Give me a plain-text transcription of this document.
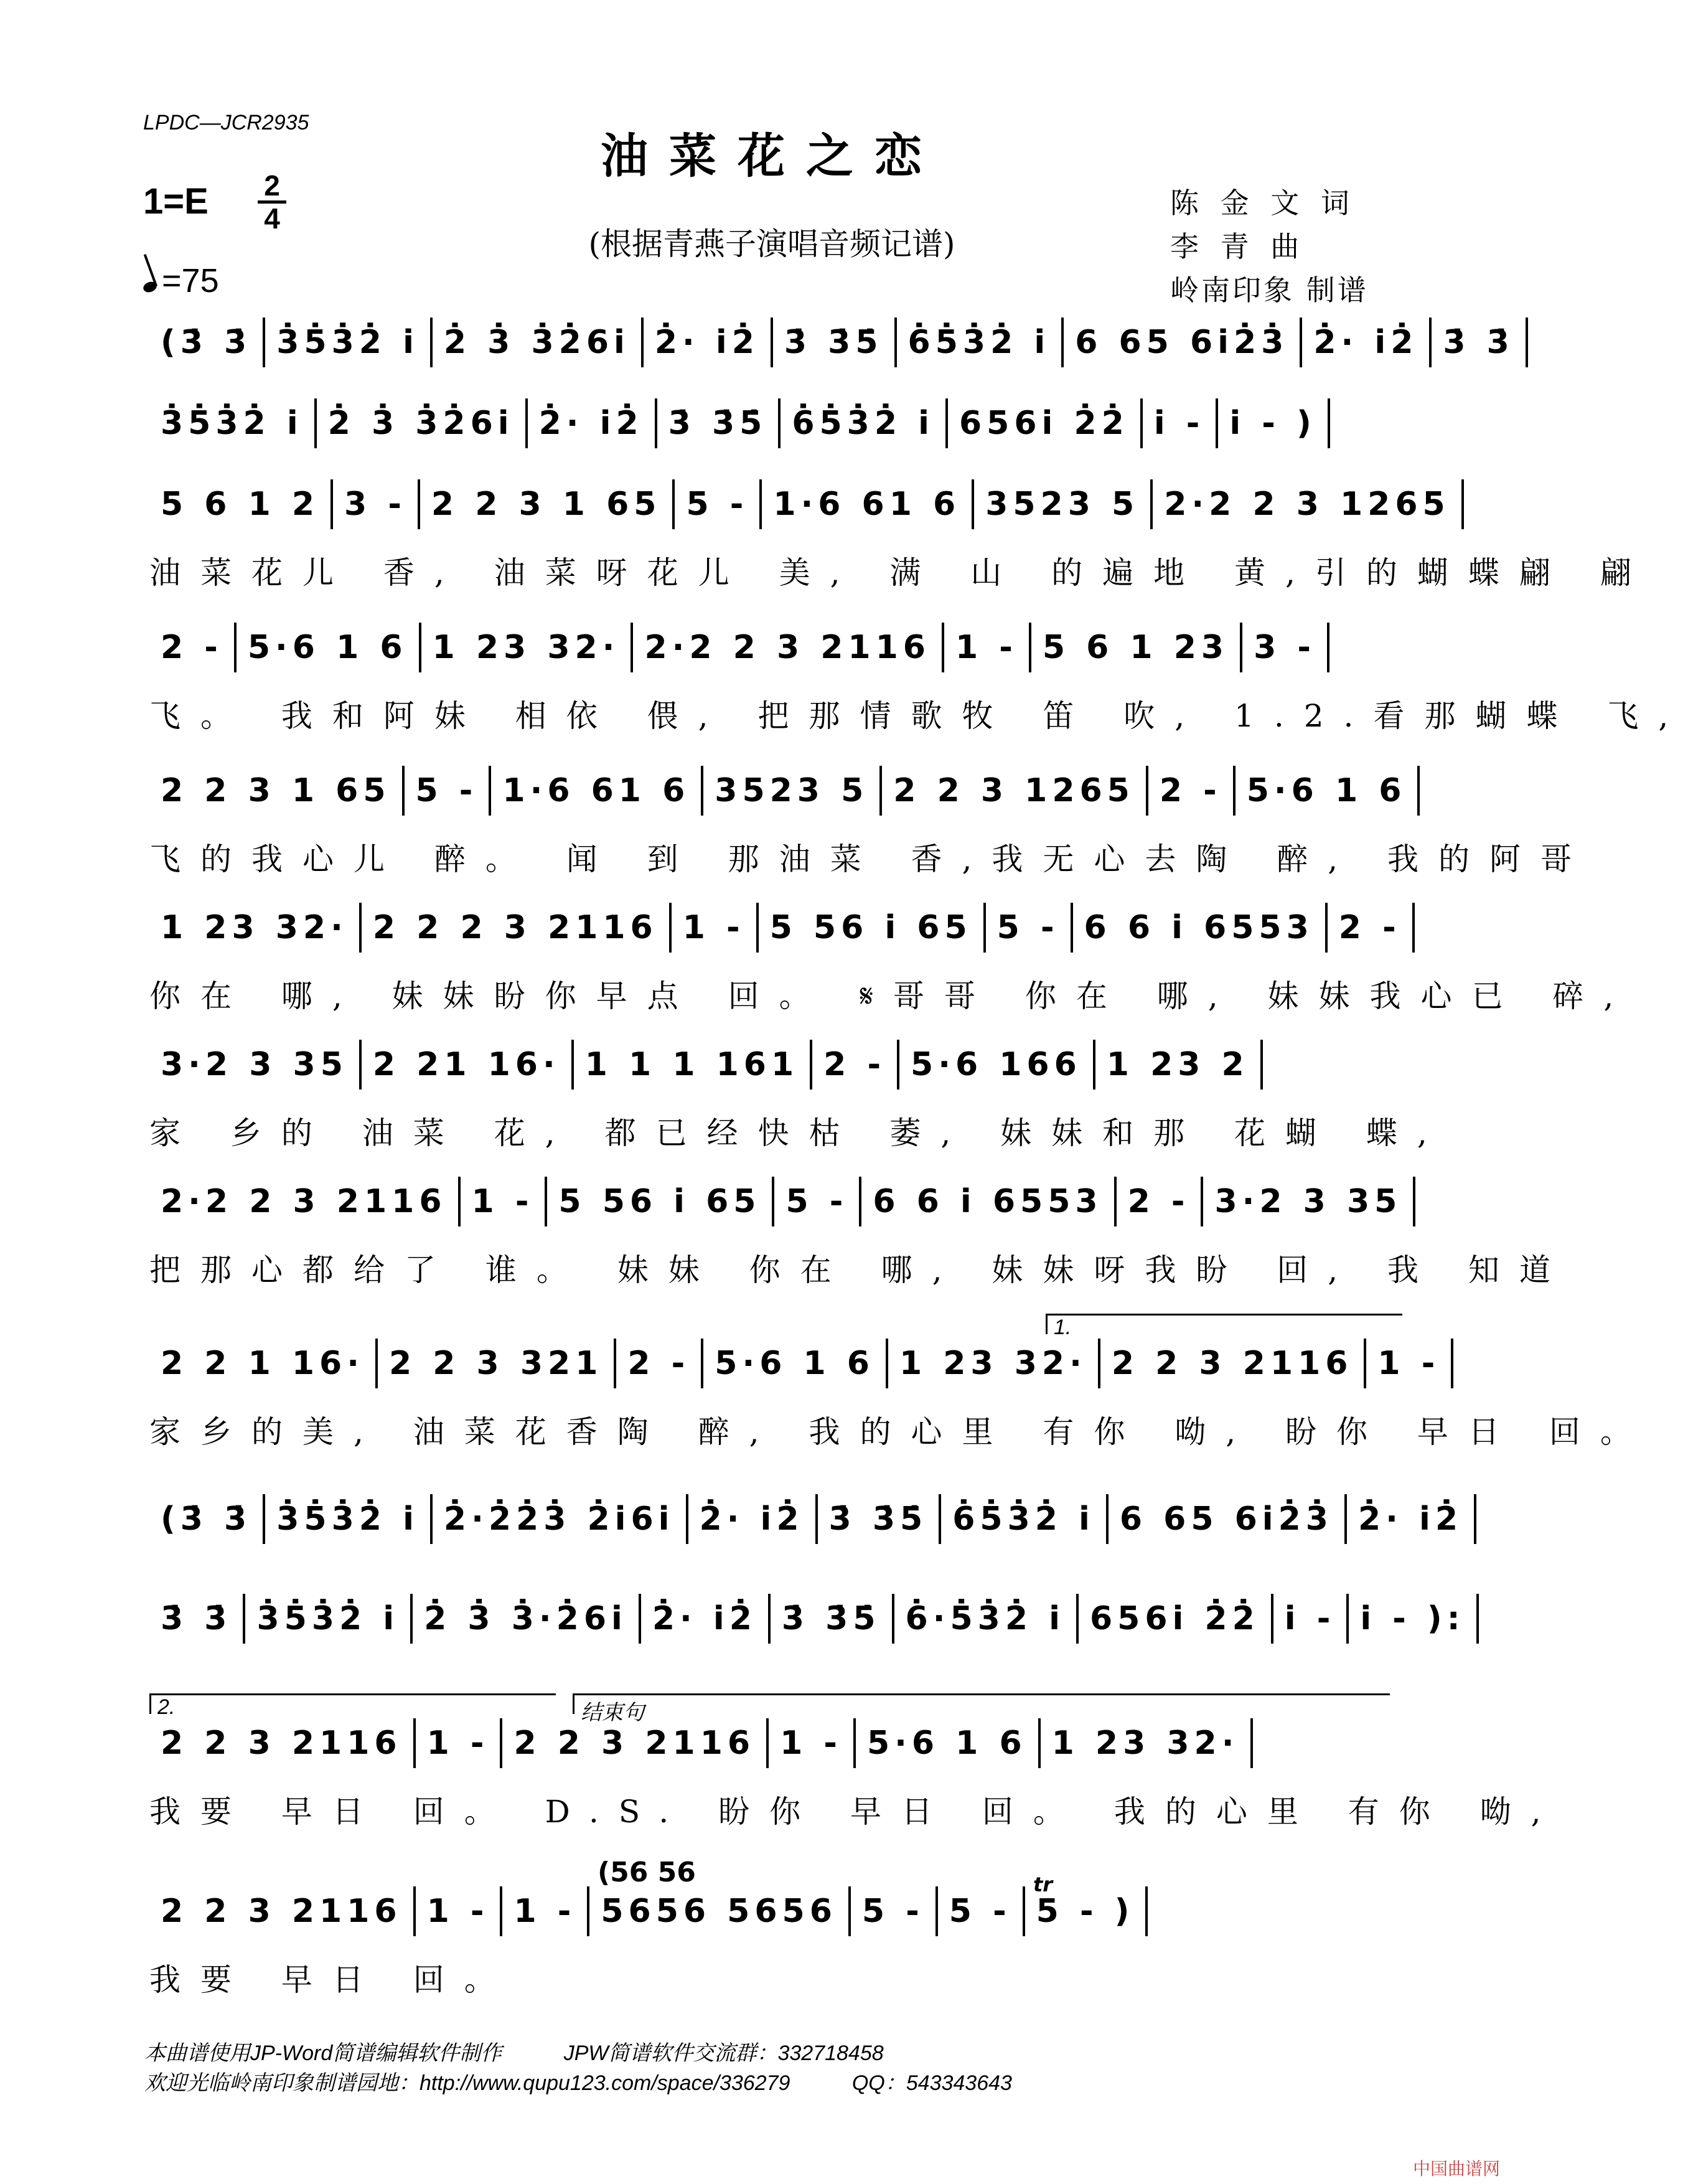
LPDC—JCR2935
油菜花之恋
(根据青燕子演唱音频记谱)
1=E 2
4
=75
陈 金 文 词
李 青 曲
岭南印象 制谱
(3̇ 3̇ 3̇5̇3̇2̇ i 2̇ 3̇ 3̇2̇6i 2̇· i2̇ 3̇ 3̇5̇ 6̇5̇3̇2̇ i 6 65 6i2̇3̇ 2̇· i2̇ 3̇ 3̇
3̇5̇3̇2̇ i 2̇ 3̇ 3̇2̇6i 2̇· i2̇ 3̇ 3̇5̇ 6̇5̇3̇2̇ i 656i 2̇2̇ i - i - )
5 6 1 2 3 - 2 2 3 1 65 5 - 1·6 61 6 3523 5 2·2 2 3 1265
油菜花儿 香, 油菜呀花儿 美, 满 山 的遍地 黄,引的蝴蝶翩 翩
2 - 5·6 1 6 1 23 32· 2·2 2 3 2116 1 - 5 6 1 23 3 -
飞。 我和阿妹 相依 偎, 把那情歌牧 笛 吹, 1.2.看那蝴蝶 飞,
2 2 3 1 65 5 - 1·6 61 6 3523 5 2 2 3 1265 2 - 5·6 1 6
飞的我心儿 醉。 闻 到 那油菜 香,我无心去陶 醉, 我的阿哥
1 23 32· 2 2 2 3 2116 1 - 5 56 i 65 5 - 6 6 i 6553 2 -
你在 哪, 妹妹盼你早点 回。 𝄋哥哥 你在 哪, 妹妹我心已 碎,
3·2 3 35 2 21 16· 1 1 1 161 2 - 5·6 166 1 23 2
家 乡的 油菜 花, 都已经快枯 萎, 妹妹和那 花蝴 蝶,
2·2 2 3 2116 1 - 5 56 i 65 5 - 6 6 i 6553 2 - 3·2 3 35
把那心都给了 谁。 妹妹 你在 哪, 妹妹呀我盼 回, 我 知道
1.
2 2 1 16· 2 2 3 321 2 - 5·6 1 6 1 23 32· 2 2 3 2116 1 -
家乡的美, 油菜花香陶 醉, 我的心里 有你 呦, 盼你 早日 回。
(3̇ 3̇ 3̇5̇3̇2̇ i 2̇·2̇2̇3̇ 2̇i6i 2̇· i2̇ 3̇ 3̇5̇ 6̇5̇3̇2̇ i 6 65 6i2̇3̇ 2̇· i2̇
3̇ 3̇ 3̇5̇3̇2̇ i 2̇ 3̇ 3̇·2̇6i 2̇· i2̇ 3̇ 3̇5̇ 6̇·5̇3̇2̇ i 656i 2̇2̇ i - i - ):
2.	结束句
2 2 3 2116 1 - 2 2 3 2116 1 - 5·6 1 6 1 23 32·
我要 早日 回。 D.S. 盼你 早日 回。 我的心里 有你 呦,
(56 56	tr
2 2 3 2116 1 - 1 - 5656 5656 5 - 5 - 5 - )
我要 早日 回。
本曲谱使用JP-Word简谱编辑软件制作	JPW简谱软件交流群：332718458
欢迎光临岭南印象制谱园地：http://www.qupu123.com/space/336279	QQ：543343643
中国曲谱网
